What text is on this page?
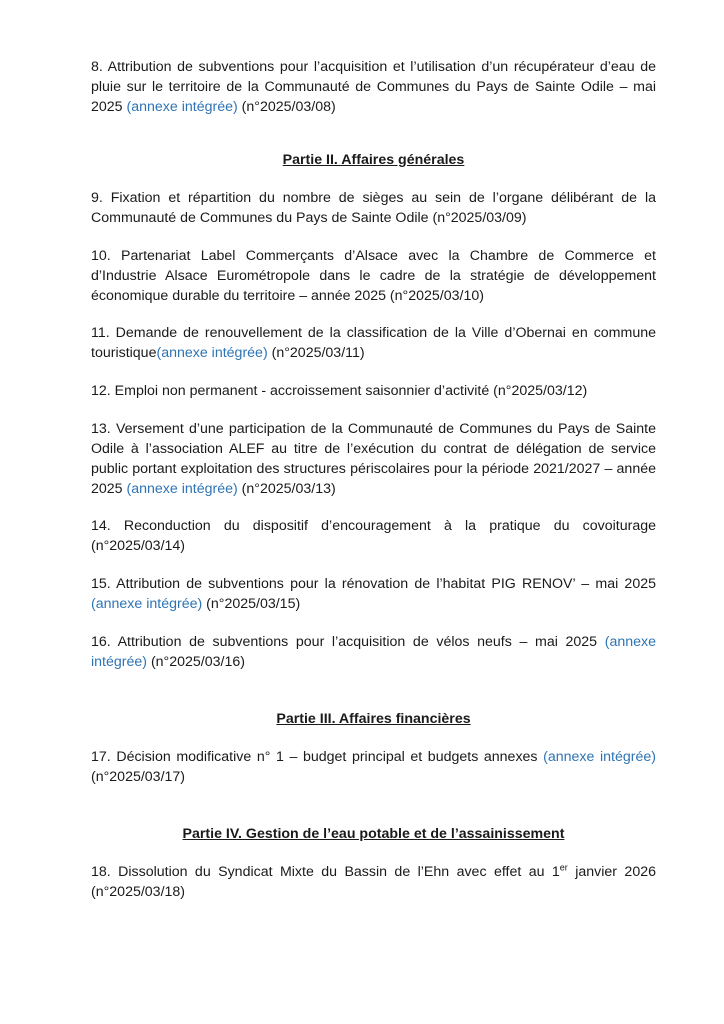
8. Attribution de subventions pour l’acquisition et l’utilisation d’un récupérateur d’eau de pluie sur le territoire de la Communauté de Communes du Pays de Sainte Odile – mai 2025 (annexe intégrée) (n°2025/03/08)
Partie II. Affaires générales
9. Fixation et répartition du nombre de sièges au sein de l’organe délibérant de la Communauté de Communes du Pays de Sainte Odile (n°2025/03/09)
10. Partenariat Label Commerçants d’Alsace avec la Chambre de Commerce et d’Industrie Alsace Eurométropole dans le cadre de la stratégie de développement économique durable du territoire – année 2025 (n°2025/03/10)
11. Demande de renouvellement de la classification de la Ville d’Obernai en commune touristique(annexe intégrée) (n°2025/03/11)
12. Emploi non permanent - accroissement saisonnier d’activité (n°2025/03/12)
13. Versement d’une participation de la Communauté de Communes du Pays de Sainte Odile à l’association ALEF au titre de l’exécution du contrat de délégation de service public portant exploitation des structures périscolaires pour la période 2021/2027 – année 2025 (annexe intégrée) (n°2025/03/13)
14. Reconduction du dispositif d’encouragement à la pratique du covoiturage (n°2025/03/14)
15. Attribution de subventions pour la rénovation de l’habitat PIG RENOV’ – mai 2025 (annexe intégrée) (n°2025/03/15)
16. Attribution de subventions pour l’acquisition de vélos neufs – mai 2025 (annexe intégrée) (n°2025/03/16)
Partie III. Affaires financières
17. Décision modificative n° 1 – budget principal et budgets annexes (annexe intégrée) (n°2025/03/17)
Partie IV. Gestion de l’eau potable et de l’assainissement
18. Dissolution du Syndicat Mixte du Bassin de l’Ehn avec effet au 1er janvier 2026 (n°2025/03/18)
